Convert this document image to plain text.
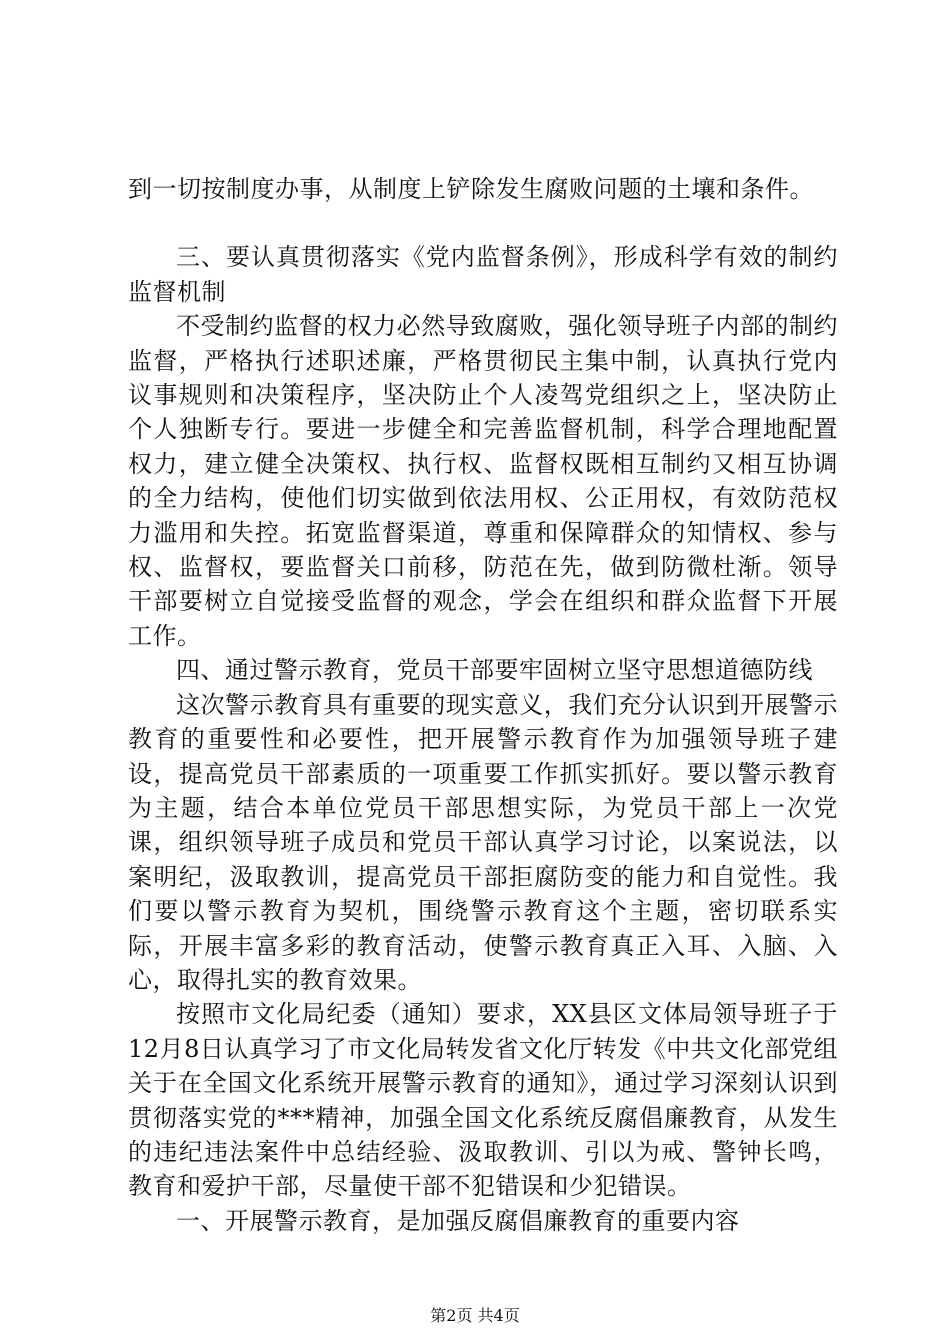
到一切按制度办事，从制度上铲除发生腐败问题的土壤和条件。

三、要认真贯彻落实《党内监督条例》，形成科学有效的制约监督机制

不受制约监督的权力必然导致腐败，强化领导班子内部的制约监督，严格执行述职述廉，严格贯彻民主集中制，认真执行党内议事规则和决策程序，坚决防止个人凌驾党组织之上，坚决防止个人独断专行。要进一步健全和完善监督机制，科学合理地配置权力，建立健全决策权、执行权、监督权既相互制约又相互协调的全力结构，使他们切实做到依法用权、公正用权，有效防范权力滥用和失控。拓宽监督渠道，尊重和保障群众的知情权、参与权、监督权，要监督关口前移，防范在先，做到防微杜渐。领导干部要树立自觉接受监督的观念，学会在组织和群众监督下开展工作。

四、通过警示教育，党员干部要牢固树立坚守思想道德防线

这次警示教育具有重要的现实意义，我们充分认识到开展警示教育的重要性和必要性，把开展警示教育作为加强领导班子建设，提高党员干部素质的一项重要工作抓实抓好。要以警示教育为主题，结合本单位党员干部思想实际，为党员干部上一次党课，组织领导班子成员和党员干部认真学习讨论，以案说法，以案明纪，汲取教训，提高党员干部拒腐防变的能力和自觉性。我们要以警示教育为契机，围绕警示教育这个主题，密切联系实际，开展丰富多彩的教育活动，使警示教育真正入耳、入脑、入心，取得扎实的教育效果。

按照市文化局纪委（通知）要求，XX县区文体局领导班子于12月8日认真学习了市文化局转发省文化厅转发《中共文化部党组关于在全国文化系统开展警示教育的通知》，通过学习深刻认识到贯彻落实党的***精神，加强全国文化系统反腐倡廉教育，从发生的违纪违法案件中总结经验、汲取教训、引以为戒、警钟长鸣，教育和爱护干部，尽量使干部不犯错误和少犯错误。

一、开展警示教育，是加强反腐倡廉教育的重要内容

第2页 共4页
